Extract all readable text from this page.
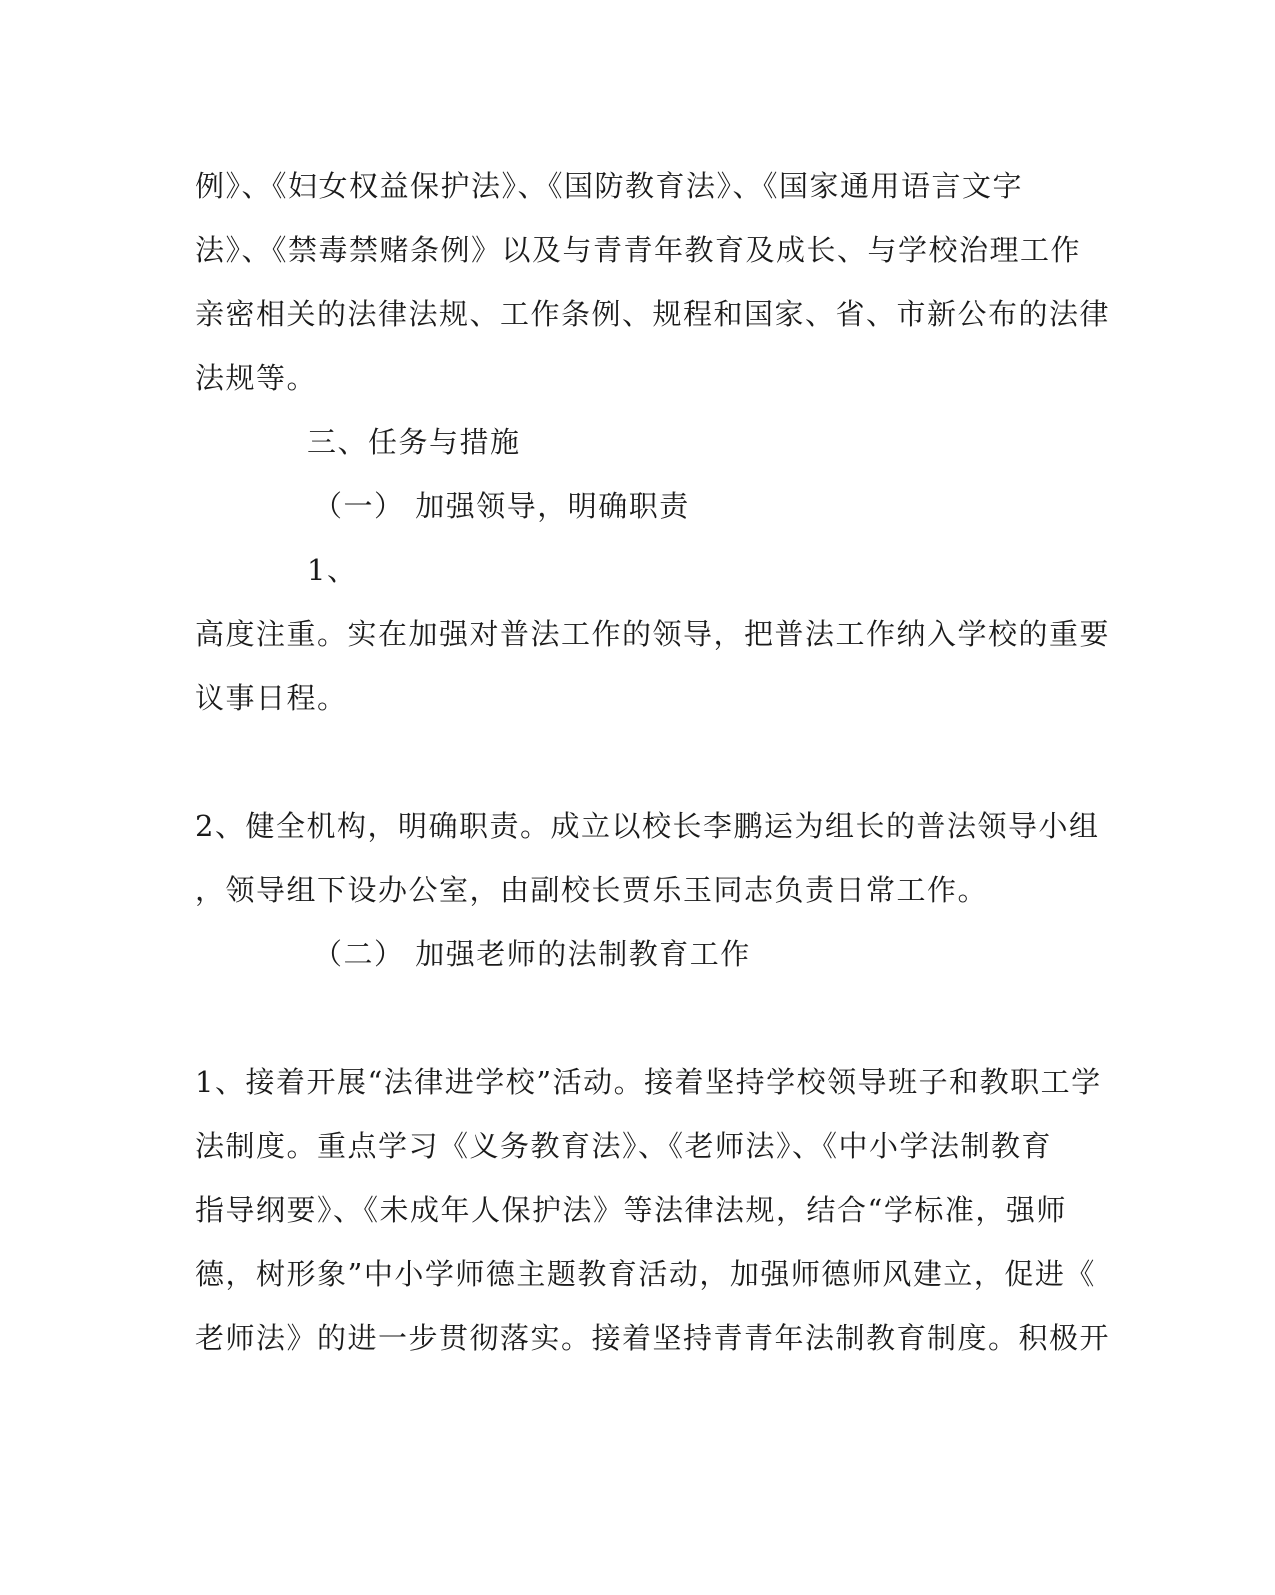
例》、《妇女权益保护法》、《国防教育法》、《国家通用语言文字
法》、《禁毒禁赌条例》以及与青青年教育及成长、与学校治理工作
亲密相关的法律法规、工作条例、规程和国家、省、市新公布的法律
法规等。
三、任务与措施
（一） 加强领导，明确职责
1、
高度注重。实在加强对普法工作的领导，把普法工作纳入学校的重要
议事日程。
2、健全机构，明确职责。成立以校长李鹏运为组长的普法领导小组
，领导组下设办公室，由副校长贾乐玉同志负责日常工作。
（二） 加强老师的法制教育工作
1、接着开展“法律进学校”活动。接着坚持学校领导班子和教职工学
法制度。重点学习《义务教育法》、《老师法》、《中小学法制教育
指导纲要》、《未成年人保护法》等法律法规，结合“学标准，强师
德，树形象”中小学师德主题教育活动，加强师德师风建立，促进《
老师法》的进一步贯彻落实。接着坚持青青年法制教育制度。积极开
